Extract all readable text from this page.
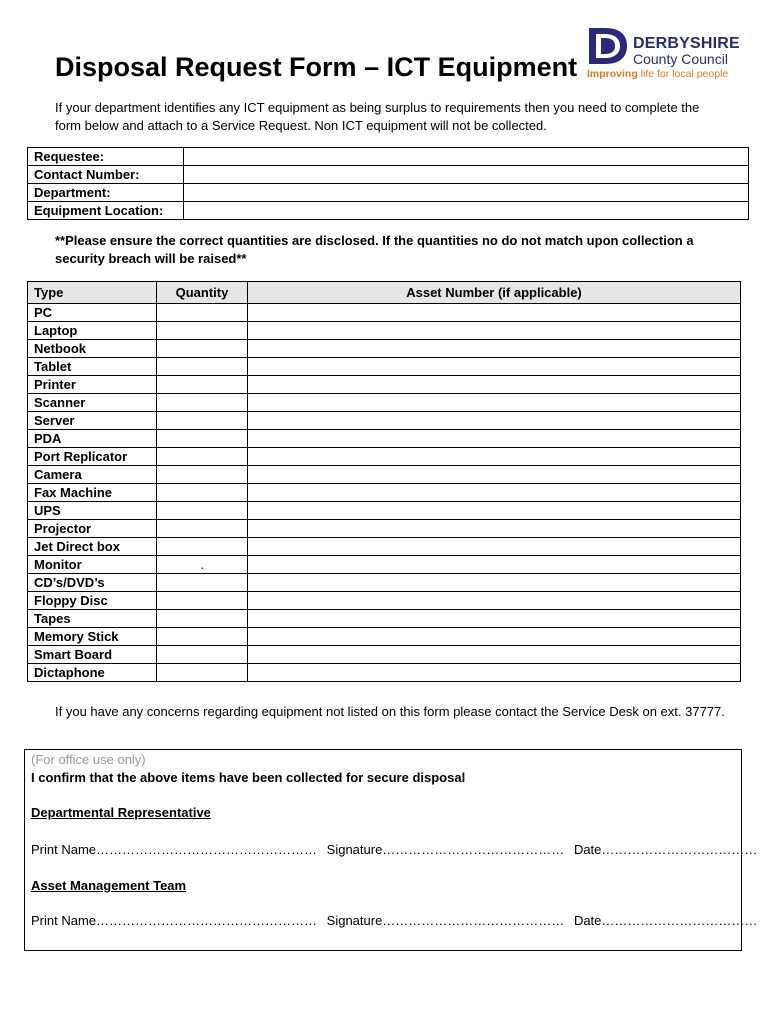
Disposal Request Form – ICT Equipment
DERBYSHIRE
County Council
Improving life for local people
If your department identifies any ICT equipment as being surplus to requirements then you need to complete the form below and attach to a Service Request. Non ICT equipment will not be collected.
Requestee:	
Contact Number:	
Department:	
Equipment Location:	
**Please ensure the correct quantities are disclosed. If the quantities no do not match upon collection a security breach will be raised**
Type	Quantity	Asset Number (if applicable)
PC		
Laptop		
Netbook		
Tablet		
Printer		
Scanner		
Server		
PDA		
Port Replicator		
Camera		
Fax Machine		
UPS		
Projector		
Jet Direct box		
Monitor	.	
CD’s/DVD’s		
Floppy Disc		
Tapes		
Memory Stick		
Smart Board		
Dictaphone		
If you have any concerns regarding equipment not listed on this form please contact the Service Desk on ext. 37777.
(For office use only)
I confirm that the above items have been collected for secure disposal
Departmental Representative
Print Name…………………………………………… Signature…………………………………… Date………………………………
Asset Management Team
Print Name…………………………………………… Signature…………………………………… Date………………………………
